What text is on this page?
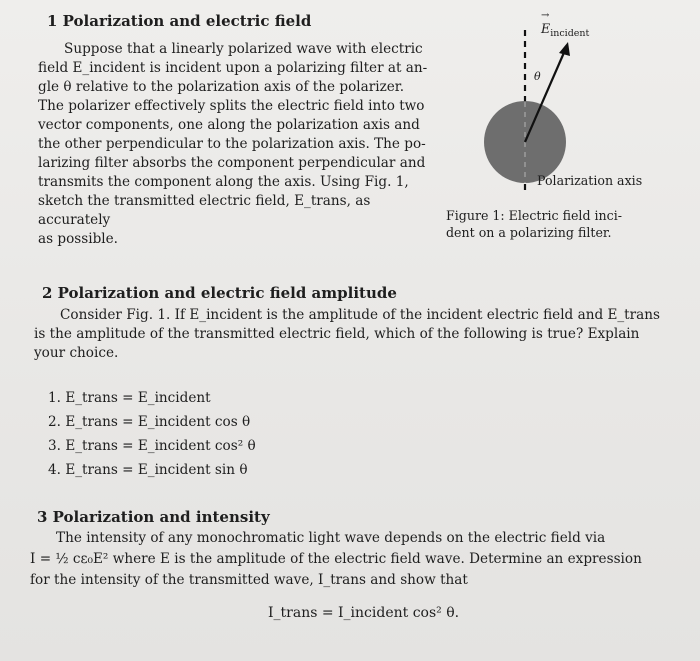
1 Polarization and electric field

Suppose that a linearly polarized wave with electric

field E_incident is incident upon a polarizing filter at an-

gle θ relative to the polarization axis of the polarizer.

The polarizer effectively splits the electric field into two

vector components, one along the polarization axis and

the other perpendicular to the polarization axis. The po-

larizing filter absorbs the component perpendicular and

transmits the component along the axis. Using Fig. 1,

sketch the transmitted electric field, E_trans, as accurately

as possible.

→ $E_{incident}$
θ
Polarization axis
Figure 1: Electric field inci-
dent on a polarizing filter.
2 Polarization and electric field amplitude

Consider Fig. 1. If E_incident is the amplitude of the incident electric field and E_trans

is the amplitude of the transmitted electric field, which of the following is true? Explain

your choice.

1. E_trans = E_incident
2. E_trans = E_incident cos θ
3. E_trans = E_incident cos² θ
4. E_trans = E_incident sin θ
3 Polarization and intensity

The intensity of any monochromatic light wave depends on the electric field via

I = ½ cε₀E² where E is the amplitude of the electric field wave. Determine an expression

for the intensity of the transmitted wave, I_trans and show that

I_trans = I_incident cos² θ.
